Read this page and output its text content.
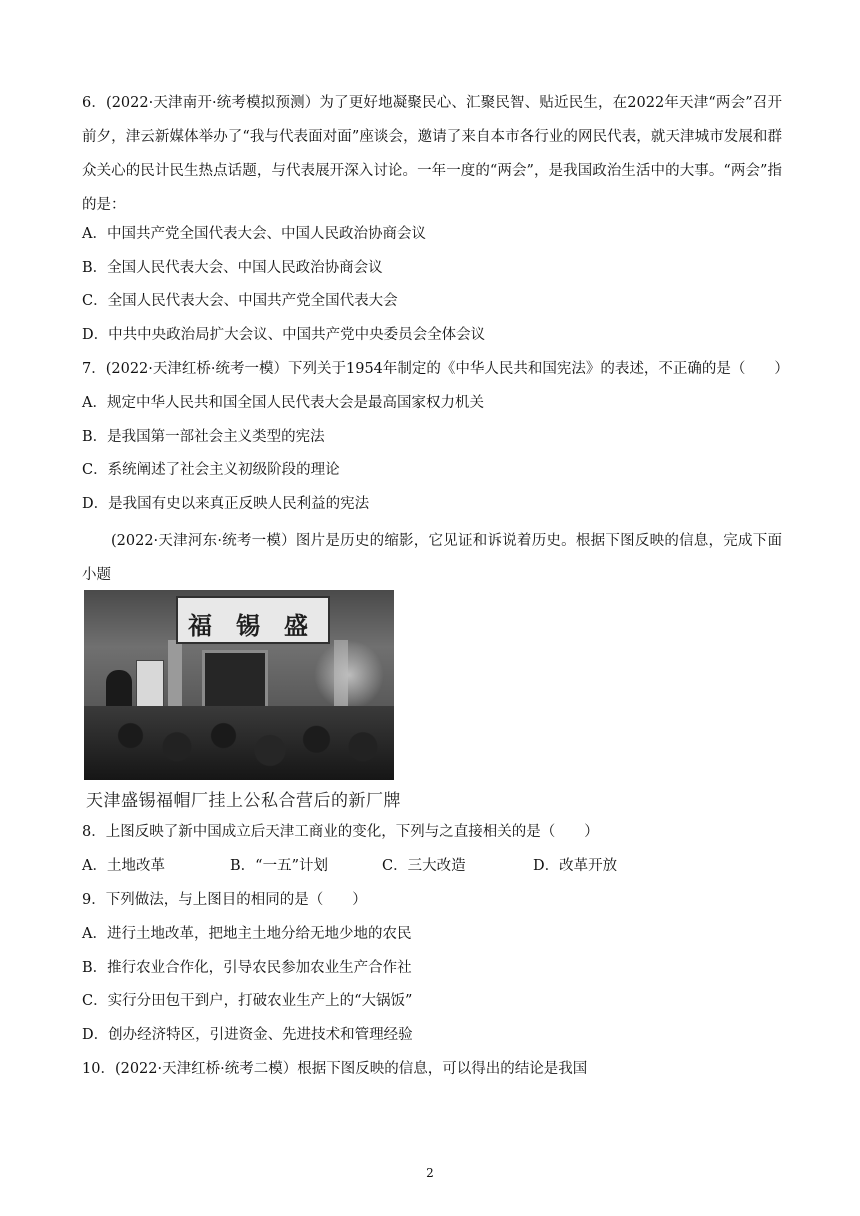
6．(2022·天津南开·统考模拟预测）为了更好地凝聚民心、汇聚民智、贴近民生，在2022年天津“两会”召开前夕，津云新媒体举办了“我与代表面对面”座谈会，邀请了来自本市各行业的网民代表，就天津城市发展和群众关心的民计民生热点话题，与代表展开深入讨论。一年一度的“两会”，是我国政治生活中的大事。“两会”指的是：
A．中国共产党全国代表大会、中国人民政治协商会议
B．全国人民代表大会、中国人民政治协商会议
C．全国人民代表大会、中国共产党全国代表大会
D．中共中央政治局扩大会议、中国共产党中央委员会全体会议
7．(2022·天津红桥·统考一模）下列关于1954年制定的《中华人民共和国宪法》的表述，不正确的是（　　）
A．规定中华人民共和国全国人民代表大会是最高国家权力机关
B．是我国第一部社会主义类型的宪法
C．系统阐述了社会主义初级阶段的理论
D．是我国有史以来真正反映人民利益的宪法
(2022·天津河东·统考一模）图片是历史的缩影，它见证和诉说着历史。根据下图反映的信息，完成下面小题
福 锡 盛
天津盛锡福帽厂挂上公私合营后的新厂牌
8．上图反映了新中国成立后天津工商业的变化，下列与之直接相关的是（　　）
A．土地改革	B．“一五”计划	C．三大改造	D．改革开放
9．下列做法，与上图目的相同的是（　　）
A．进行土地改革，把地主土地分给无地少地的农民
B．推行农业合作化，引导农民参加农业生产合作社
C．实行分田包干到户，打破农业生产上的“大锅饭”
D．创办经济特区，引进资金、先进技术和管理经验
10．(2022·天津红桥·统考二模）根据下图反映的信息，可以得出的结论是我国
2
